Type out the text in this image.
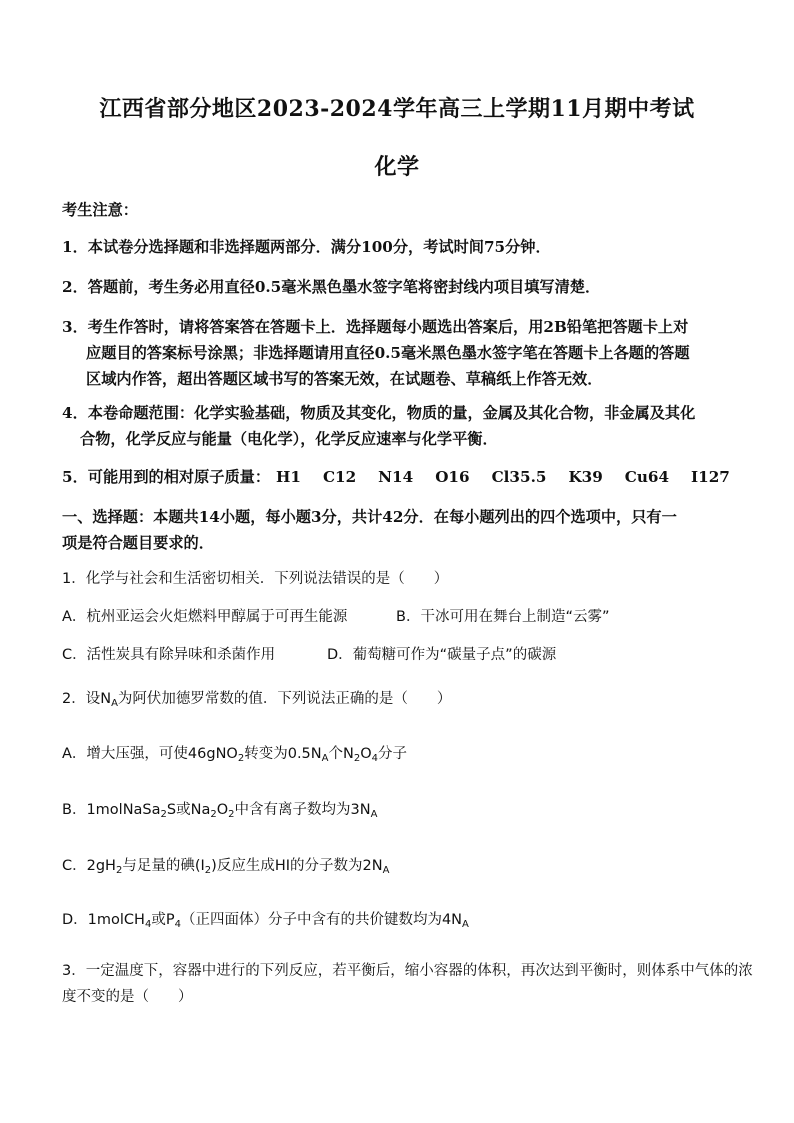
江西省部分地区2023-2024学年高三上学期11月期中考试
化学
考生注意：
1．本试卷分选择题和非选择题两部分．满分100分，考试时间75分钟．
2．答题前，考生务必用直径0.5毫米黑色墨水签字笔将密封线内项目填写清楚．
3．考生作答时，请将答案答在答题卡上．选择题每小题选出答案后，用2B铅笔把答题卡上对
应题目的答案标号涂黑；非选择题请用直径0.5毫米黑色墨水签字笔在答题卡上各题的答题
区域内作答，超出答题区域书写的答案无效，在试题卷、草稿纸上作答无效．
4．本卷命题范围：化学实验基础，物质及其变化，物质的量，金属及其化合物，非金属及其化
合物，化学反应与能量（电化学），化学反应速率与化学平衡．
5．可能用到的相对原子质量： H1 C12 N14 O16 Cl35.5 K39 Cu64 I127
一、选择题：本题共14小题，每小题3分，共计42分．在每小题列出的四个选项中，只有一
项是符合题目要求的．
1．化学与社会和生活密切相关．下列说法错误的是（　　）
A．杭州亚运会火炬燃料甲醇属于可再生能源	B．干冰可用在舞台上制造“云雾”
C．活性炭具有除异味和杀菌作用	D．葡萄糖可作为“碳量子点”的碳源
2．设$N_A$为阿伏加德罗常数的值．下列说法正确的是（　　）
A．增大压强，可使46gNO$_2$转变为$0.5N_A$个$N_2O_4$分子
B．1molNaSa$_2$S或$Na_2O_2$中含有离子数均为$3N_A$
C．$2gH_2$与足量的碘$(I_2)$反应生成HI的分子数为$2N_A$
D．1molCH$_4$或$P_4$（正四面体）分子中含有的共价键数均为$4N_A$
3．一定温度下，容器中进行的下列反应，若平衡后，缩小容器的体积，再次达到平衡时，则体系中气体的浓
度不变的是（　　）
